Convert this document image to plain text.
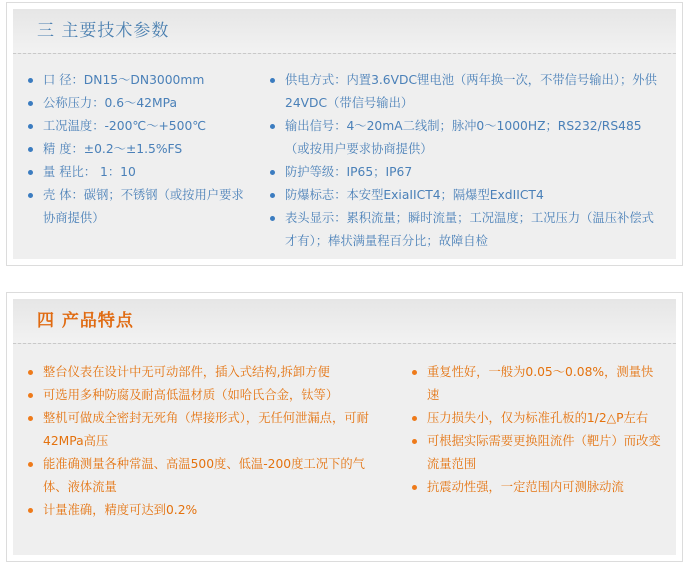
三 主要技术参数
口 径：DN15～DN3000mm
公称压力：0.6～42MPa
工况温度：-200℃～+500℃
精 度：±0.2～±1.5%FS
量 程比： 1：10
壳 体：碳钢；不锈钢（或按用户要求协商提供）
供电方式：内置3.6VDC锂电池（两年换一次，不带信号输出）；外供24VDC（带信号输出）
输出信号：4～20mA二线制；脉冲0～1000HZ；RS232/RS485（或按用户要求协商提供）
防护等级：IP65；IP67
防爆标志：本安型ExiaIICT4；隔爆型ExdIICT4
表头显示：累积流量；瞬时流量；工况温度；工况压力（温压补偿式才有）；棒状满量程百分比；故障自检
四 产品特点
整台仪表在设计中无可动部件，插入式结构,拆卸方便
可选用多种防腐及耐高低温材质（如哈氏合金，钛等）
整机可做成全密封无死角（焊接形式），无任何泄漏点，可耐42MPa高压
能准确测量各种常温、高温500度、低温-200度工况下的气体、液体流量
计量准确，精度可达到0.2%
重复性好，一般为0.05～0.08%，测量快速
压力损失小，仅为标准孔板的1/2△P左右
可根据实际需要更换阻流件（靶片）而改变流量范围
抗震动性强，一定范围内可测脉动流
